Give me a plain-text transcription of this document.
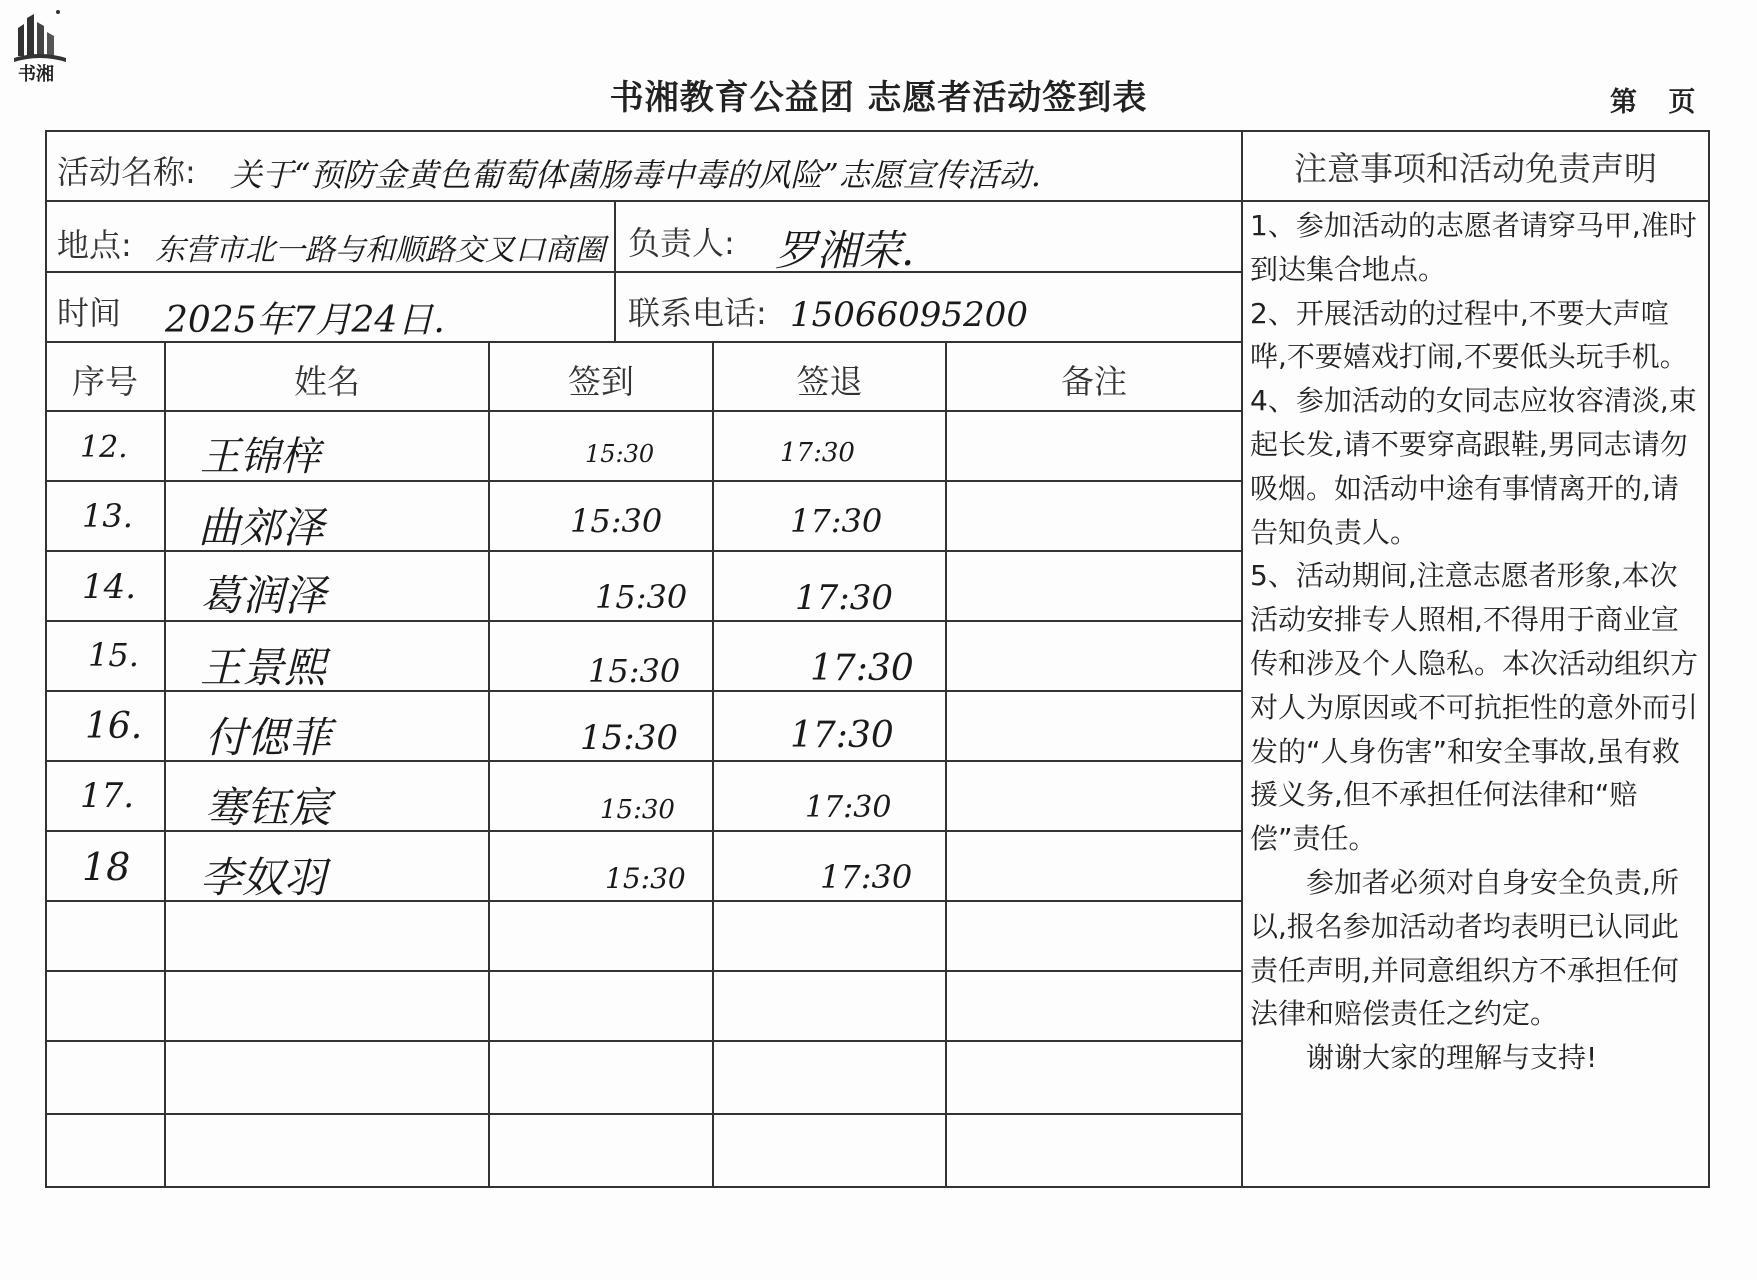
书湘
书湘教育公益团 志愿者活动签到表	第 页
活动名称: 关于“预防金黄色葡萄体菌肠毒中毒的风险”志愿宣传活动.
地点: 东营市北一路与和顺路交叉口商圈 负责人: 罗湘荣.
时间 2025年7月24日.	联系电话: 15066095200
序号	姓名	签到	签退	备注
12. 王锦梓	15:30	17:30
13. 曲郊泽	15:30	17:30
14. 葛润泽	15:30	17:30
15. 王景熙	15:30	17:30
16. 付偲菲	15:30	17:30
17. 骞钰宸	15:30	17:30
18 李奴羽	15:30	17:30
注意事项和活动免责声明

1、参加活动的志愿者请穿马甲,准时到达集合地点。

2、开展活动的过程中,不要大声喧哗,不要嬉戏打闹,不要低头玩手机。

4、参加活动的女同志应妆容清淡,束起长发,请不要穿高跟鞋,男同志请勿吸烟。如活动中途有事情离开的,请告知负责人。

5、活动期间,注意志愿者形象,本次活动安排专人照相,不得用于商业宣传和涉及个人隐私。本次活动组织方对人为原因或不可抗拒性的意外而引发的“人身伤害”和安全事故,虽有救援义务,但不承担任何法律和“赔偿”责任。

参加者必须对自身安全负责,所以,报名参加活动者均表明已认同此责任声明,并同意组织方不承担任何法律和赔偿责任之约定。

谢谢大家的理解与支持!
